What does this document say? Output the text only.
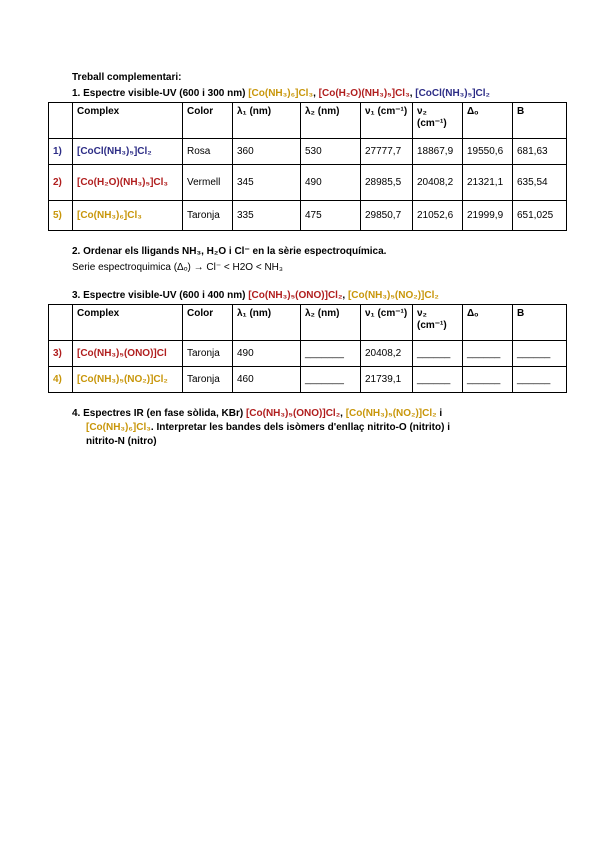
Treball complementari:
1. Espectre visible-UV (600 i 300 nm) [Co(NH₃)₆]Cl₃, [Co(H₂O)(NH₃)₅]Cl₃, [CoCl(NH₃)₅]Cl₂
	Complex	Color	λ₁ (nm)	λ₂ (nm)	ν₁ (cm⁻¹)	ν₂ (cm⁻¹)	Δₒ	B
1)	[CoCl(NH₃)₅]Cl₂	Rosa	360	530	27777,7	18867,9	19550,6	681,63
2)	[Co(H₂O)(NH₃)₅]Cl₃	Vermell	345	490	28985,5	20408,2	21321,1	635,54
5)	[Co(NH₃)₆]Cl₃	Taronja	335	475	29850,7	21052,6	21999,9	651,025
2. Ordenar els lligands NH₃, H₂O i Cl⁻ en la sèrie espectroquímica.
Serie espectroquimica (Δₒ) → Cl⁻ < H2O < NH₃
3. Espectre visible-UV (600 i 400 nm) [Co(NH₃)₅(ONO)]Cl₂, [Co(NH₃)₅(NO₂)]Cl₂
	Complex	Color	λ₁ (nm)	λ₂ (nm)	ν₁ (cm⁻¹)	ν₂ (cm⁻¹)	Δₒ	B
3)	[Co(NH₃)₅(ONO)]Cl	Taronja	490	_______	20408,2	______	______	______
4)	[Co(NH₃)₅(NO₂)]Cl₂	Taronja	460	_______	21739,1	______	______	______
4. Espectres IR (en fase sòlida, KBr) [Co(NH₃)₅(ONO)]Cl₂, [Co(NH₃)₅(NO₂)]Cl₂ i
[Co(NH₃)₆]Cl₃. Interpretar les bandes dels isòmers d'enllaç nitrito-O (nitrito) i
nitrito-N (nitro)
